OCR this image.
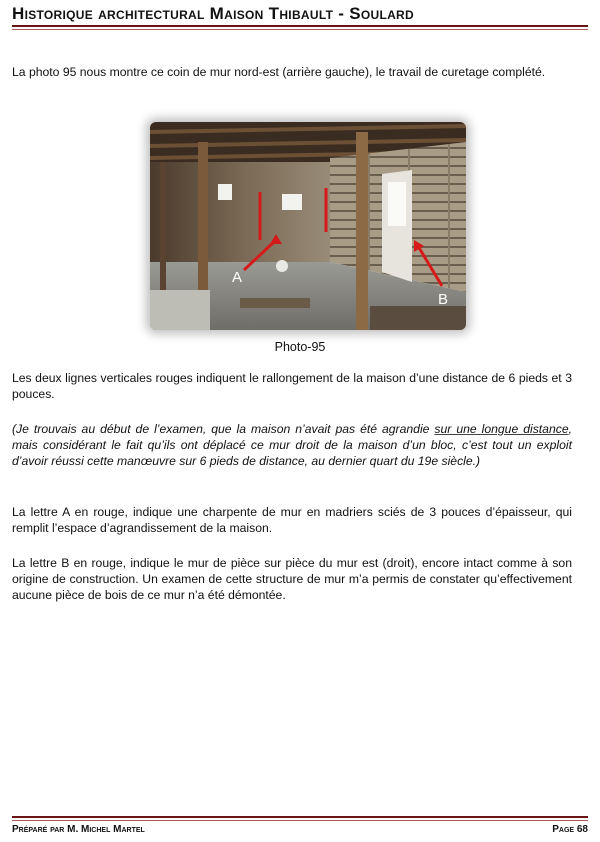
Historique architectural Maison Thibault - Soulard

La photo 95 nous montre ce coin de mur nord-est (arrière gauche), le travail de curetage complété.

Les deux lignes verticales rouges indiquent le rallongement de la maison d’une distance de 6 pieds et 3 pouces.

(Je trouvais au début de l’examen, que la maison n’avait pas été agrandie sur une longue distance, mais considérant le fait qu’ils ont déplacé ce mur droit de la maison d’un bloc, c’est tout un exploit d’avoir réussi cette manœuvre sur 6 pieds de distance, au dernier quart du 19e siècle.)

La lettre A en rouge, indique une charpente de mur en madriers sciés de 3 pouces d’épaisseur, qui remplit l’espace d’agrandissement de la maison.

La lettre B en rouge, indique le mur de pièce sur pièce du mur est (droit), encore intact comme à son origine de construction. Un examen de cette structure de mur m’a permis de constater qu’effectivement aucune pièce de bois de ce mur n’a été démontée.

A
B
Photo-95
Préparé par M. Michel Martel	Page 68
